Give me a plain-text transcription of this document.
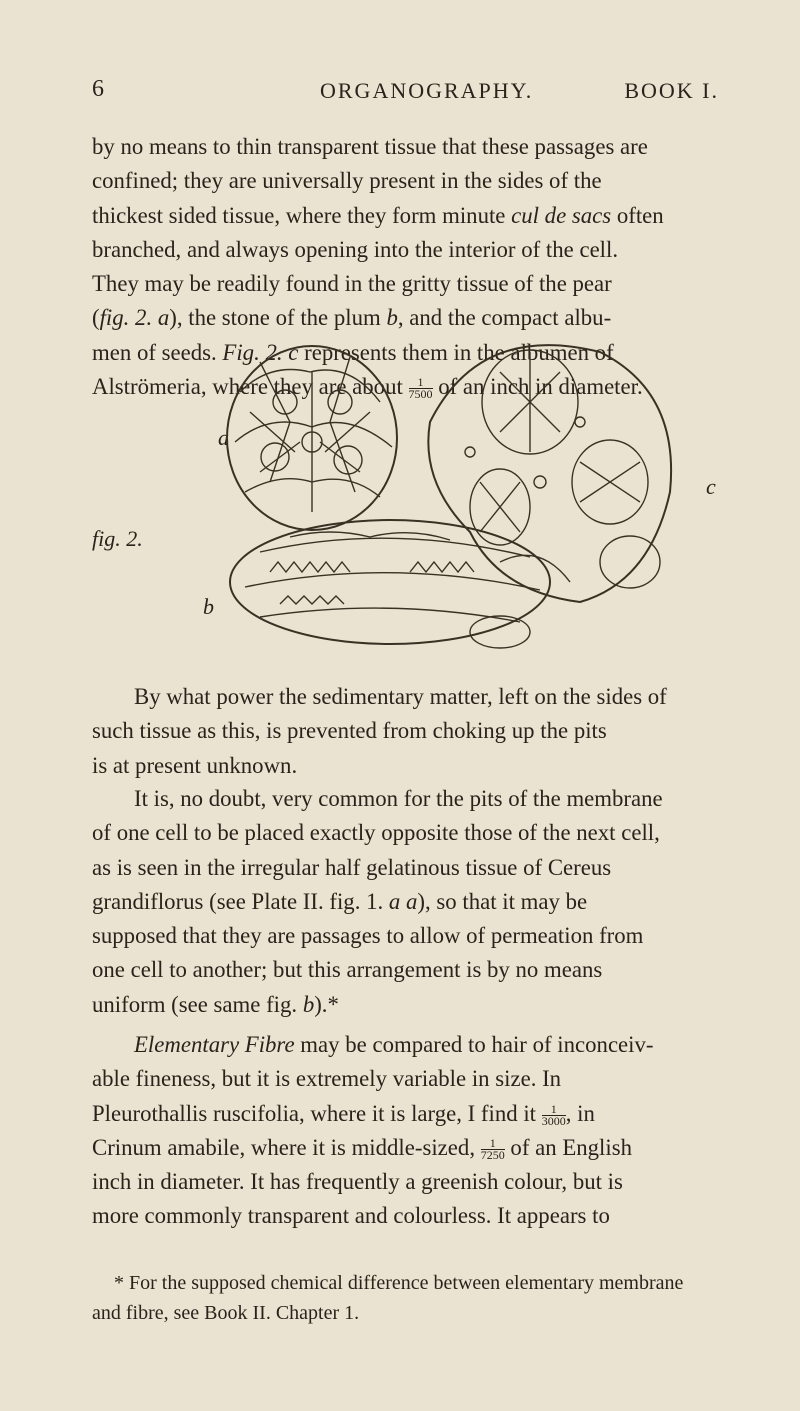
6	ORGANOGRAPHY.	BOOK I.

by no means to thin transparent tissue that these passages are

confined; they are universally present in the sides of the

thickest sided tissue, where they form minute cul de sacs often

branched, and always opening into the interior of the cell.

They may be readily found in the gritty tissue of the pear

(fig. 2. a), the stone of the plum b, and the compact albu-

men of seeds. Fig. 2. c represents them in the albumen of

Alströmeria, where they are about $\frac{1}{7500}$ of an inch in diameter.

fig. 2.
a
b
c

By what power the sedimentary matter, left on the sides of

such tissue as this, is prevented from choking up the pits

is at present unknown.

It is, no doubt, very common for the pits of the membrane

of one cell to be placed exactly opposite those of the next cell,

as is seen in the irregular half gelatinous tissue of Cereus

grandiflorus (see Plate II. fig. 1. a a), so that it may be

supposed that they are passages to allow of permeation from

one cell to another; but this arrangement is by no means

uniform (see same fig. b).*

Elementary Fibre may be compared to hair of inconceiv-

able fineness, but it is extremely variable in size. In

Pleurothallis ruscifolia, where it is large, I find it $\frac{1}{3000}$ , in

Crinum amabile, where it is middle-sized, $\frac{1}{7250}$ of an English

inch in diameter. It has frequently a greenish colour, but is

more commonly transparent and colourless. It appears to

* For the supposed chemical difference between elementary membrane
and fibre, see Book II. Chapter 1.
